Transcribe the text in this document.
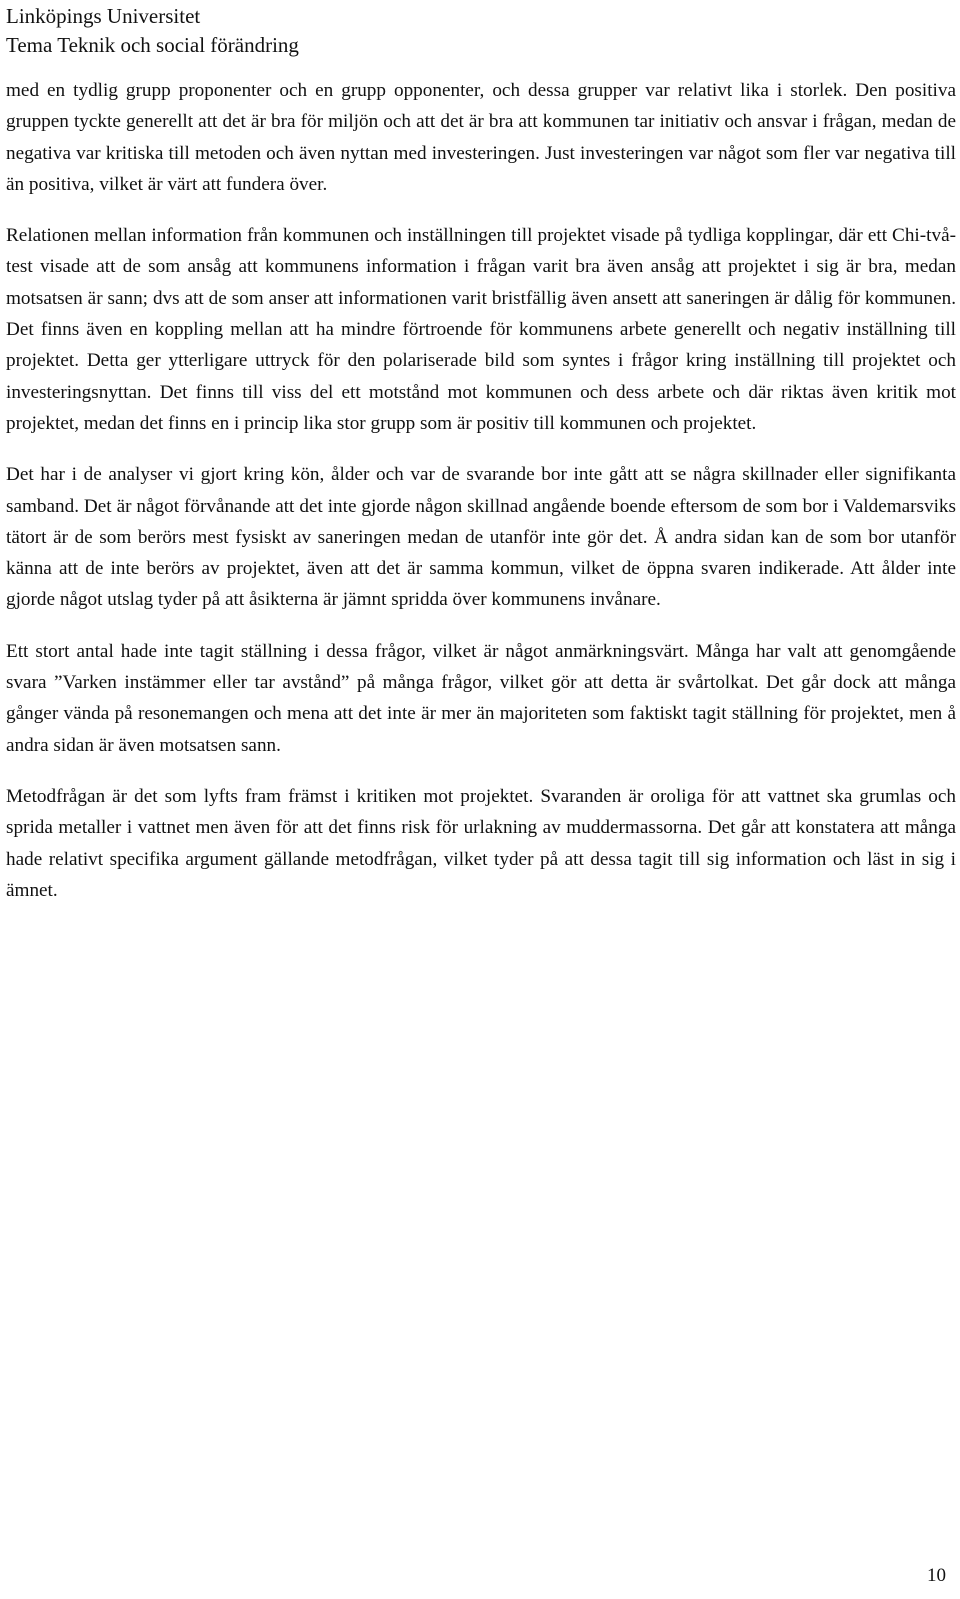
Linköpings Universitet
Tema Teknik och social förändring

med en tydlig grupp proponenter och en grupp opponenter, och dessa grupper var relativt lika i storlek. Den positiva gruppen tyckte generellt att det är bra för miljön och att det är bra att kommunen tar initiativ och ansvar i frågan, medan de negativa var kritiska till metoden och även nyttan med investeringen. Just investeringen var något som fler var negativa till än positiva, vilket är värt att fundera över.

Relationen mellan information från kommunen och inställningen till projektet visade på tydliga kopplingar, där ett Chi-två-test visade att de som ansåg att kommunens information i frågan varit bra även ansåg att projektet i sig är bra, medan motsatsen är sann; dvs att de som anser att informationen varit bristfällig även ansett att saneringen är dålig för kommunen. Det finns även en koppling mellan att ha mindre förtroende för kommunens arbete generellt och negativ inställning till projektet. Detta ger ytterligare uttryck för den polariserade bild som syntes i frågor kring inställning till projektet och investeringsnyttan. Det finns till viss del ett motstånd mot kommunen och dess arbete och där riktas även kritik mot projektet, medan det finns en i princip lika stor grupp som är positiv till kommunen och projektet.

Det har i de analyser vi gjort kring kön, ålder och var de svarande bor inte gått att se några skillnader eller signifikanta samband. Det är något förvånande att det inte gjorde någon skillnad angående boende eftersom de som bor i Valdemarsviks tätort är de som berörs mest fysiskt av saneringen medan de utanför inte gör det. Å andra sidan kan de som bor utanför känna att de inte berörs av projektet, även att det är samma kommun, vilket de öppna svaren indikerade. Att ålder inte gjorde något utslag tyder på att åsikterna är jämnt spridda över kommunens invånare.

Ett stort antal hade inte tagit ställning i dessa frågor, vilket är något anmärkningsvärt. Många har valt att genomgående svara ”Varken instämmer eller tar avstånd” på många frågor, vilket gör att detta är svårtolkat. Det går dock att många gånger vända på resonemangen och mena att det inte är mer än majoriteten som faktiskt tagit ställning för projektet, men å andra sidan är även motsatsen sann.

Metodfrågan är det som lyfts fram främst i kritiken mot projektet. Svaranden är oroliga för att vattnet ska grumlas och sprida metaller i vattnet men även för att det finns risk för urlakning av muddermassorna. Det går att konstatera att många hade relativt specifika argument gällande metodfrågan, vilket tyder på att dessa tagit till sig information och läst in sig i ämnet.

10
